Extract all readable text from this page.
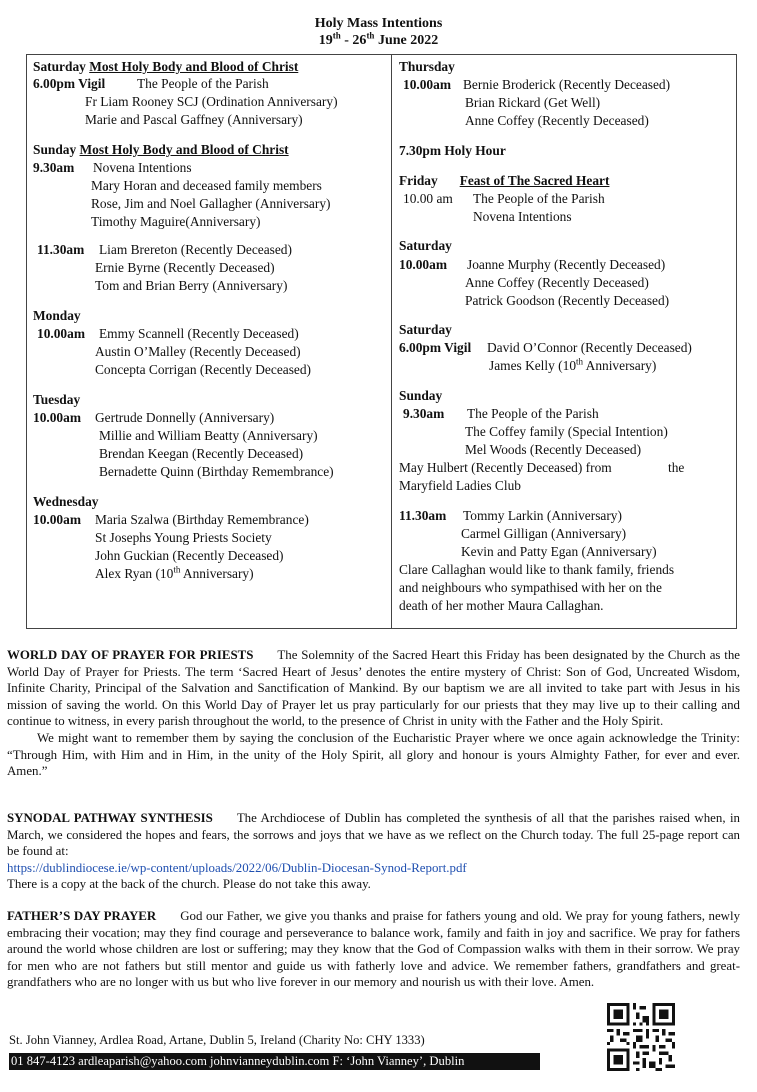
Holy Mass Intentions
19th - 26th June 2022
Saturday Most Holy Body and Blood of Christ
6.00pm Vigil The People of the Parish
Fr Liam Rooney SCJ (Ordination Anniversary)
Marie and Pascal Gaffney (Anniversary)
Sunday Most Holy Body and Blood of Christ
9.30am Novena Intentions
Mary Horan and deceased family members
Rose, Jim and Noel Gallagher (Anniversary)
Timothy Maguire(Anniversary)
11.30am Liam Brereton (Recently Deceased)
Ernie Byrne (Recently Deceased)
Tom and Brian Berry (Anniversary)
Monday
10.00am Emmy Scannell (Recently Deceased)
Austin O’Malley (Recently Deceased)
Concepta Corrigan (Recently Deceased)
Tuesday
10.00am Gertrude Donnelly (Anniversary)
Millie and William Beatty (Anniversary)
Brendan Keegan (Recently Deceased)
Bernadette Quinn (Birthday Remembrance)
Wednesday
10.00am Maria Szalwa (Birthday Remembrance)
St Josephs Young Priests Society
John Guckian (Recently Deceased)
Alex Ryan (10th Anniversary)
Thursday
10.00am Bernie Broderick (Recently Deceased)
Brian Rickard (Get Well)
Anne Coffey (Recently Deceased)
7.30pm Holy Hour
Friday Feast of The Sacred Heart
10.00 am The People of the Parish
Novena Intentions
Saturday
10.00am Joanne Murphy (Recently Deceased)
Anne Coffey (Recently Deceased)
Patrick Goodson (Recently Deceased)
Saturday
6.00pm Vigil David O’Connor (Recently Deceased)
James Kelly (10th Anniversary)
Sunday
9.30am The People of the Parish
The Coffey family (Special Intention)
Mel Woods (Recently Deceased)
May Hulbert (Recently Deceased) from	the
Maryfield Ladies Club
11.30am Tommy Larkin (Anniversary)
Carmel Gilligan (Anniversary)
Kevin and Patty Egan (Anniversary)
Clare Callaghan would like to thank family, friends
and neighbours who sympathised with her on the
death of her mother Maura Callaghan.

WORLD DAY OF PRAYER FOR PRIESTS The Solemnity of the Sacred Heart this Friday has been designated by the Church as the World Day of Prayer for Priests. The term ‘Sacred Heart of Jesus’ denotes the entire mystery of Christ: Son of God, Uncreated Wisdom, Infinite Charity, Principal of the Salvation and Sanctification of Mankind. By our baptism we are all invited to take part with Jesus in his mission of saving the world. On this World Day of Prayer let us pray particularly for our priests that they may live up to their calling and continue to witness, in every parish throughout the world, to the presence of Christ in unity with the Father and the Holy Spirit.

We might want to remember them by saying the conclusion of the Eucharistic Prayer where we once again acknowledge the Trinity: “Through Him, with Him and in Him, in the unity of the Holy Spirit, all glory and honour is yours Almighty Father, for ever and ever. Amen.”

SYNODAL PATHWAY SYNTHESIS The Archdiocese of Dublin has completed the synthesis of all that the parishes raised when, in March, we considered the hopes and fears, the sorrows and joys that we have as we reflect on the Church today. The full 25-page report can be found at:

https://dublindiocese.ie/wp-content/uploads/2022/06/Dublin-Diocesan-Synod-Report.pdf

There is a copy at the back of the church. Please do not take this away.

FATHER’S DAY PRAYER God our Father, we give you thanks and praise for fathers young and old. We pray for young fathers, newly embracing their vocation; may they find courage and perseverance to balance work, family and faith in joy and sacrifice. We pray for fathers around the world whose children are lost or suffering; may they know that the God of Compassion walks with them in their sorrow. We pray for men who are not fathers but still mentor and guide us with fatherly love and advice. We remember fathers, grandfathers and great-grandfathers who are no longer with us but who live forever in our memory and nourish us with their love. Amen.

St. John Vianney, Ardlea Road, Artane, Dublin 5, Ireland (Charity No: CHY 1333)
01 847-4123 ardleaparish@yahoo.com johnvianneydublin.com F: ‘John Vianney’, Dublin
